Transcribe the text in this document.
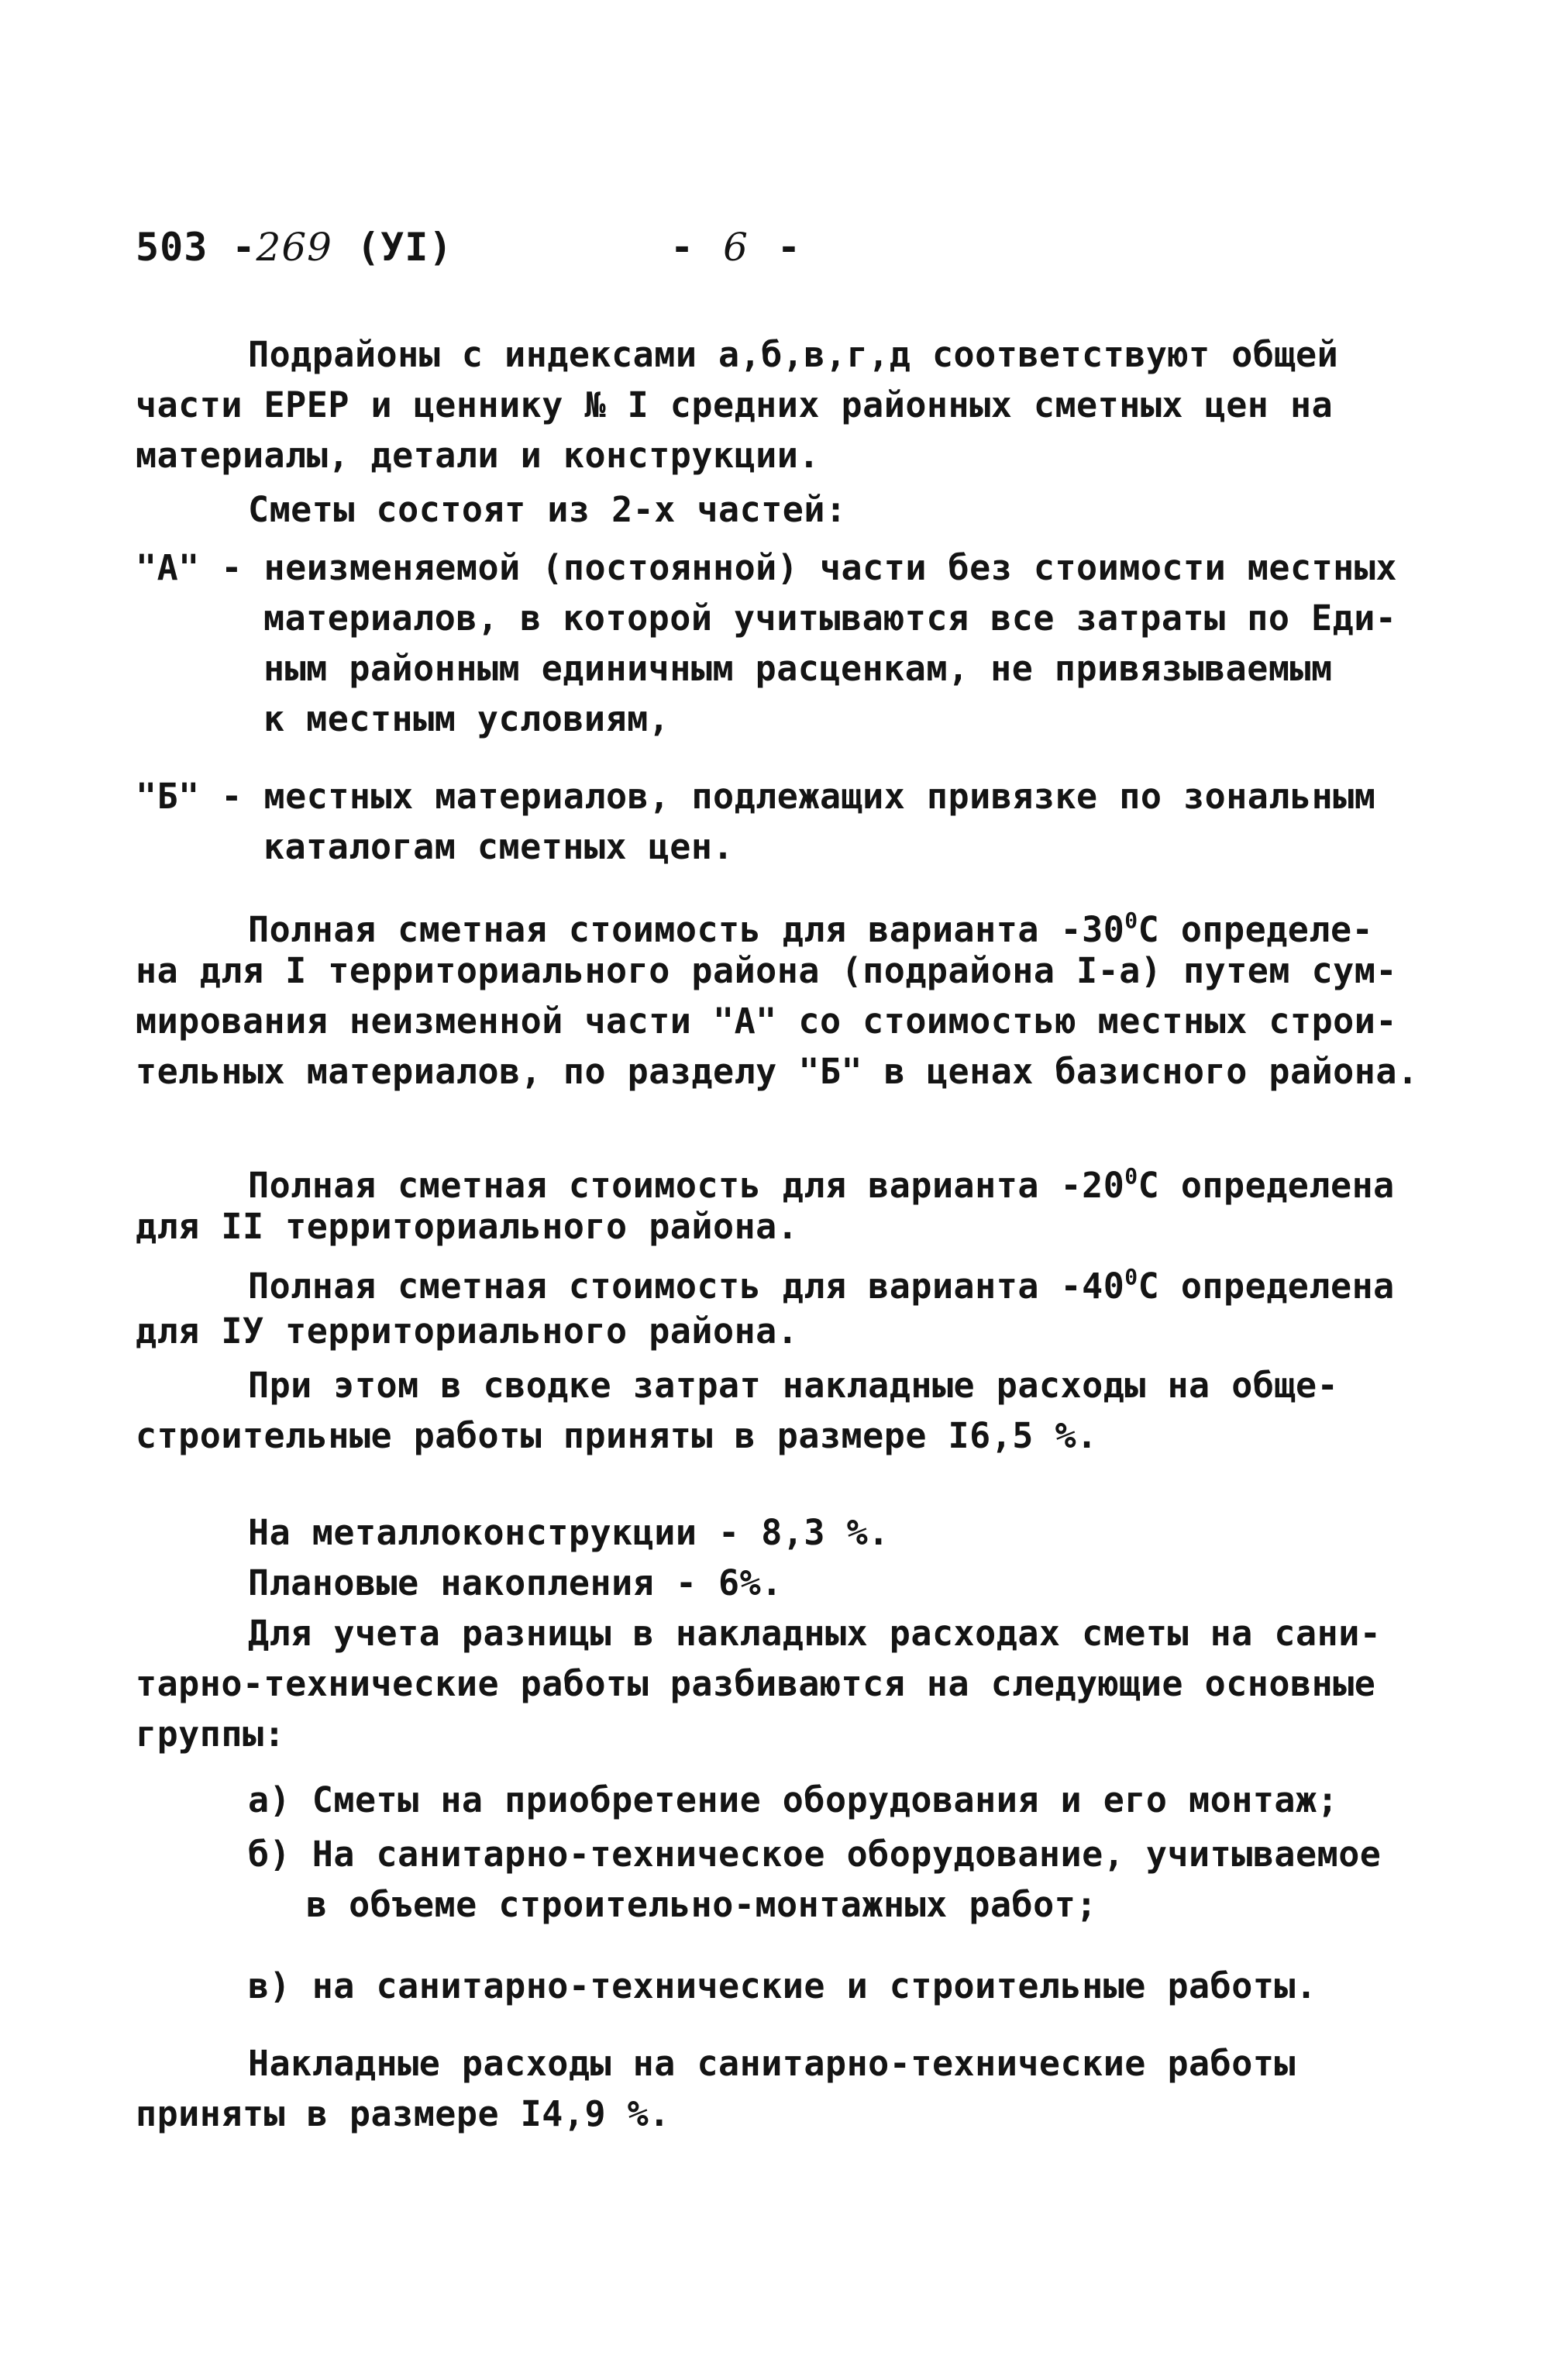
503 -269 (УI)	- 6 -
Подрайоны с индексами а,б,в,г,д соответствуют общей
части ЕРЕР и ценнику № I средних районных сметных цен на
материалы, детали и конструкции.
Сметы состоят из 2-х частей:
"А" - неизменяемой (постоянной) части без стоимости местных
материалов, в которой учитываются все затраты по Еди-
ным районным единичным расценкам, не привязываемым
к местным условиям,
"Б" - местных материалов, подлежащих привязке по зональным
каталогам сметных цен.
Полная сметная стоимость для варианта $-30^0С$ определе-
на для I территориального района (подрайона I-а) путем сум-
мирования неизменной части "А" со стоимостью местных строи-
тельных материалов, по разделу "Б" в ценах базисного района.
Полная сметная стоимость для варианта $-20^0С$ определена
для II территориального района.
Полная сметная стоимость для варианта $-40^0С$ определена
для IУ территориального района.
При этом в сводке затрат накладные расходы на обще-
строительные работы приняты в размере I6,5 %.
На металлоконструкции - 8,3 %.
Плановые накопления - 6%.
Для учета разницы в накладных расходах сметы на сани-
тарно-технические работы разбиваются на следующие основные
группы:
а) Сметы на приобретение оборудования и его монтаж;
б) На санитарно-техническое оборудование, учитываемое
в объеме строительно-монтажных работ;
в) на санитарно-технические и строительные работы.
Накладные расходы на санитарно-технические работы
приняты в размере I4,9 %.
